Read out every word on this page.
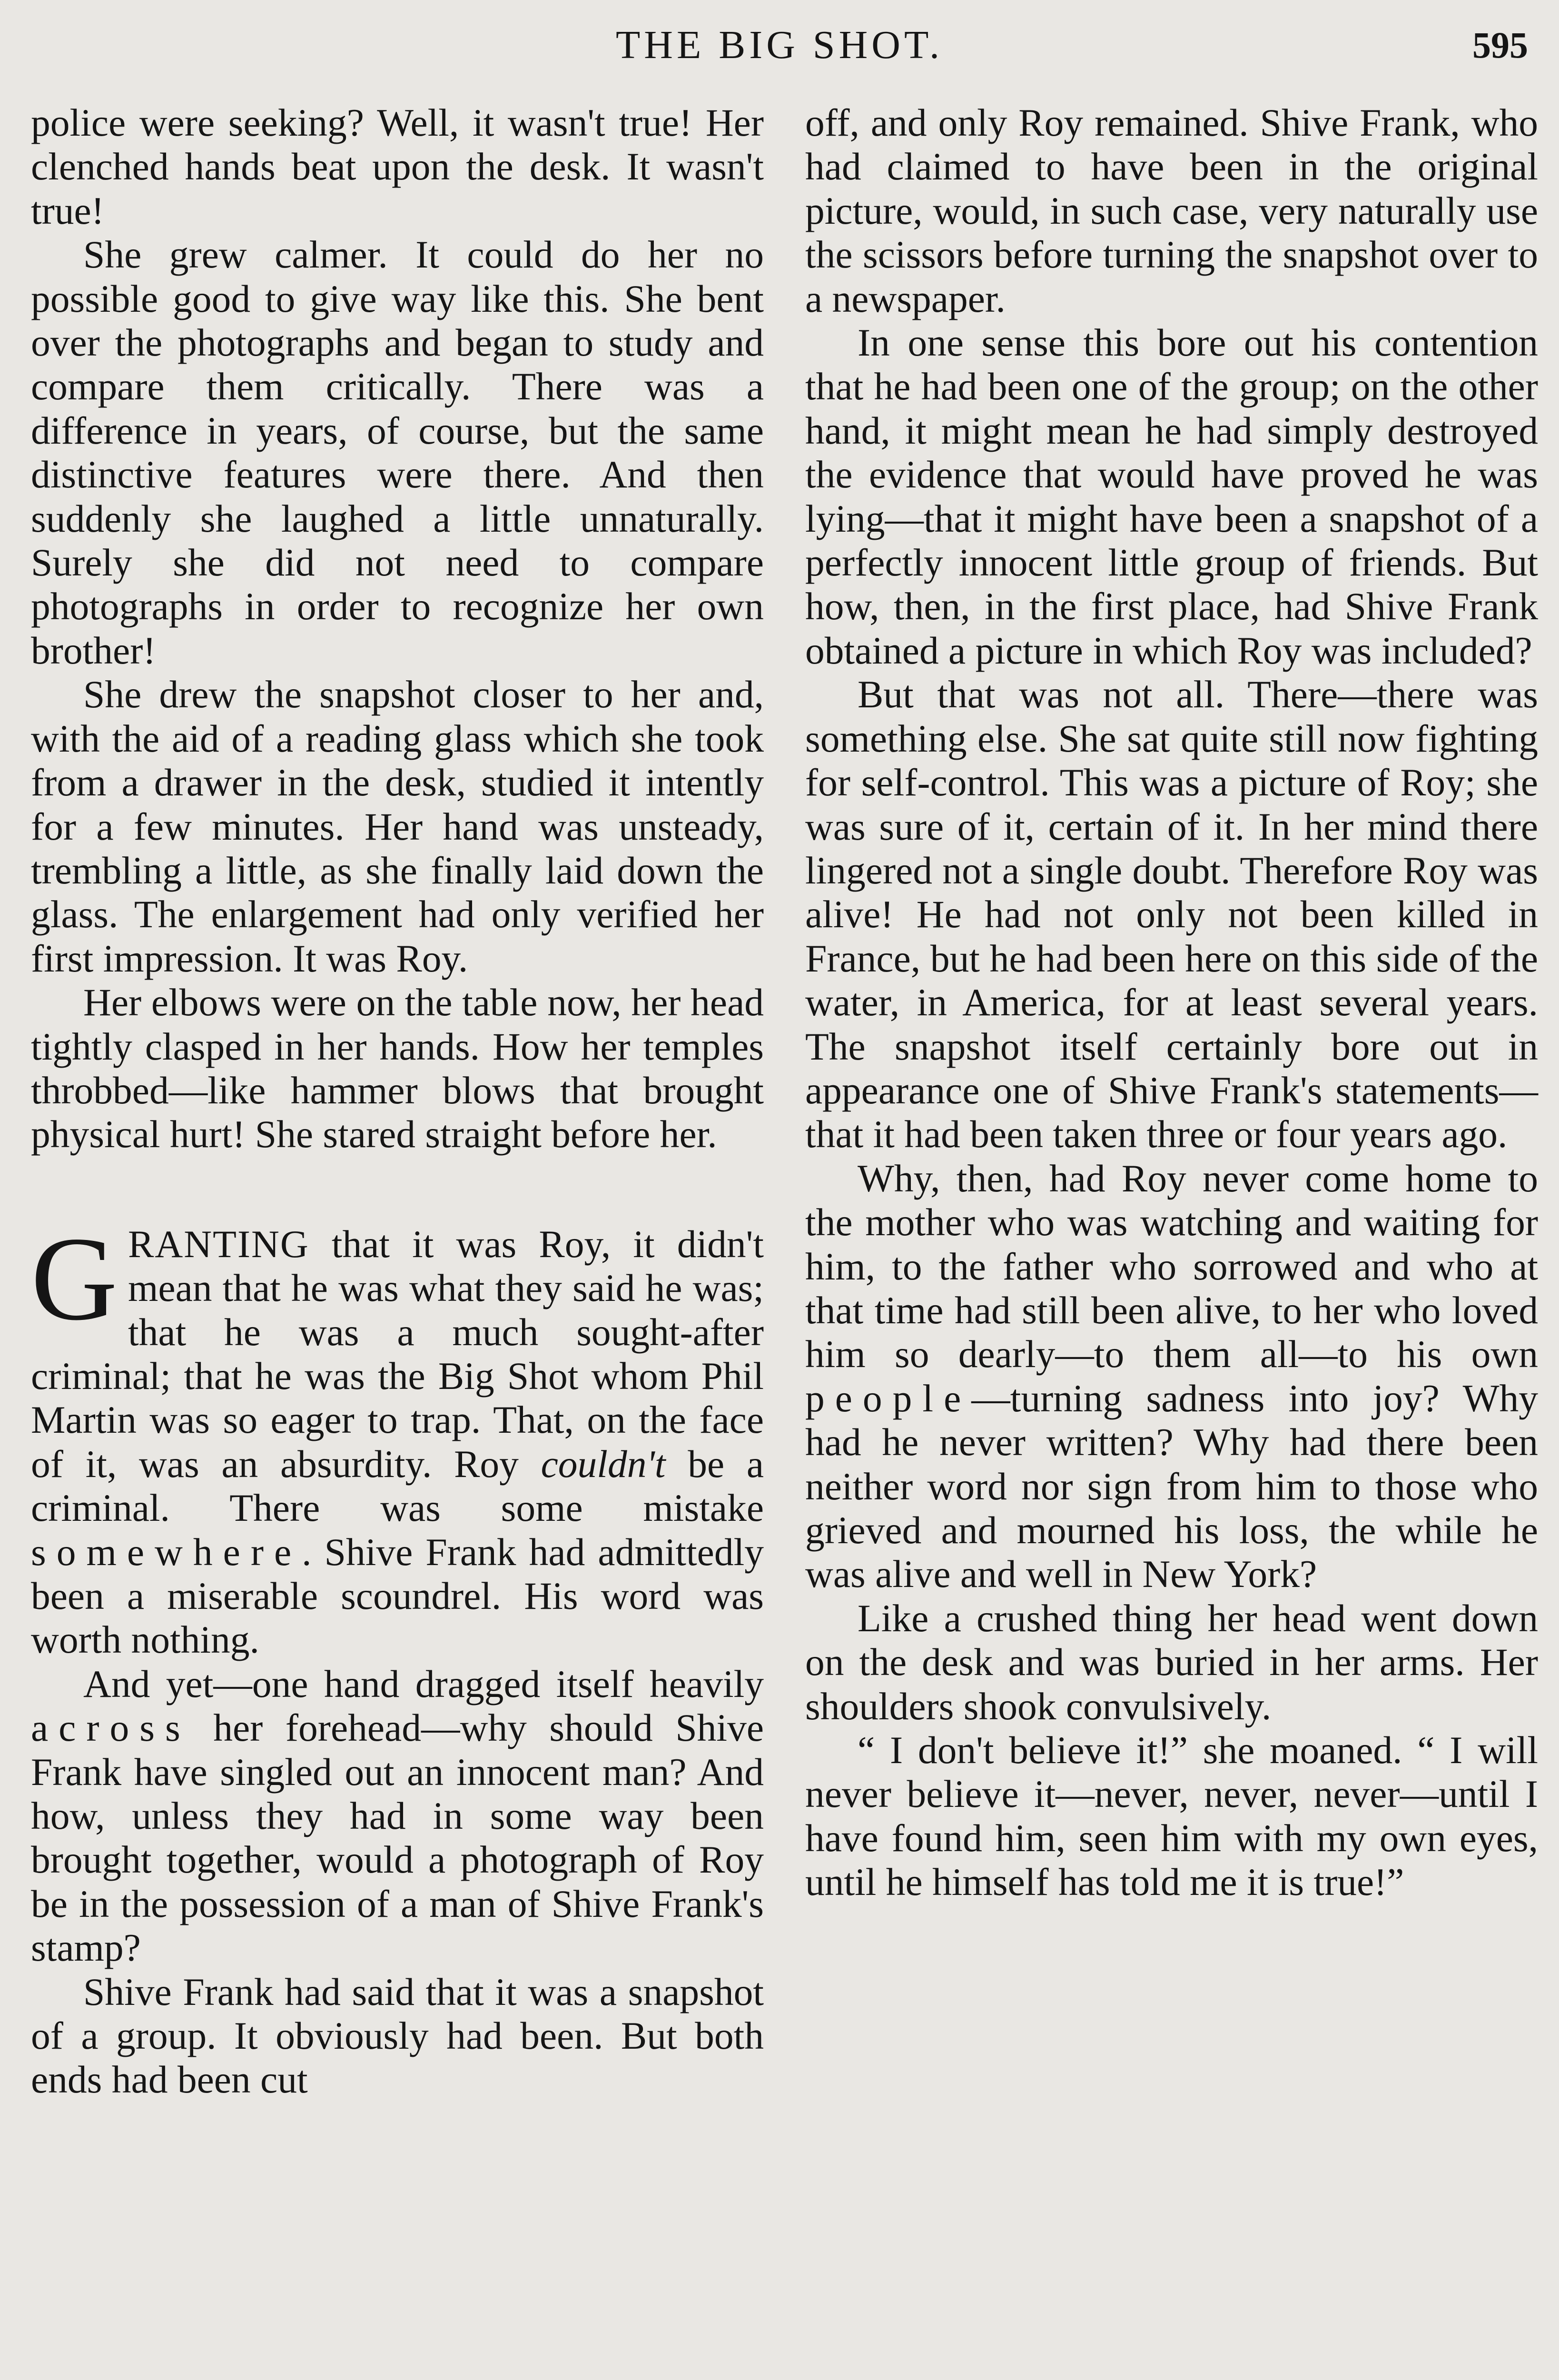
THE BIG SHOT.	595

police were seeking? Well, it wasn't true! Her clenched hands beat upon the desk. It wasn't true!

She grew calmer. It could do her no possible good to give way like this. She bent over the photographs and began to study and compare them critically. There was a difference in years, of course, but the same distinctive features were there. And then suddenly she laughed a little unnaturally. Surely she did not need to compare photographs in order to recognize her own brother!

She drew the snapshot closer to her and, with the aid of a reading glass which she took from a drawer in the desk, studied it intently for a few minutes. Her hand was unsteady, trembling a little, as she finally laid down the glass. The enlargement had only verified her first impression. It was Roy.

Her elbows were on the table now, her head tightly clasped in her hands. How her temples throbbed—like hammer blows that brought physical hurt! She stared straight before her.

GRANTING that it was Roy, it didn't mean that he was what they said he was; that he was a much sought-after criminal; that he was the Big Shot whom Phil Martin was so eager to trap. That, on the face of it, was an absurdity. Roy couldn't be a criminal. There was some mistake somewhere. Shive Frank had admittedly been a miserable scoundrel. His word was worth nothing.

And yet—one hand dragged itself heavily across her forehead—why should Shive Frank have singled out an innocent man? And how, unless they had in some way been brought together, would a photograph of Roy be in the possession of a man of Shive Frank's stamp?

Shive Frank had said that it was a snapshot of a group. It obviously had been. But both ends had been cut

off, and only Roy remained. Shive Frank, who had claimed to have been in the original picture, would, in such case, very naturally use the scissors before turning the snapshot over to a newspaper.

In one sense this bore out his contention that he had been one of the group; on the other hand, it might mean he had simply destroyed the evidence that would have proved he was lying—that it might have been a snapshot of a perfectly innocent little group of friends. But how, then, in the first place, had Shive Frank obtained a picture in which Roy was included?

But that was not all. There—there was something else. She sat quite still now fighting for self-control. This was a picture of Roy; she was sure of it, certain of it. In her mind there lingered not a single doubt. Therefore Roy was alive! He had not only not been killed in France, but he had been here on this side of the water, in America, for at least several years. The snapshot itself certainly bore out in appearance one of Shive Frank's statements—that it had been taken three or four years ago.

Why, then, had Roy never come home to the mother who was watching and waiting for him, to the father who sorrowed and who at that time had still been alive, to her who loved him so dearly—to them all—to his own people—turning sadness into joy? Why had he never written? Why had there been neither word nor sign from him to those who grieved and mourned his loss, the while he was alive and well in New York?

Like a crushed thing her head went down on the desk and was buried in her arms. Her shoulders shook convulsively.

“ I don't believe it!” she moaned. “ I will never believe it—never, never, never—until I have found him, seen him with my own eyes, until he himself has told me it is true!”
